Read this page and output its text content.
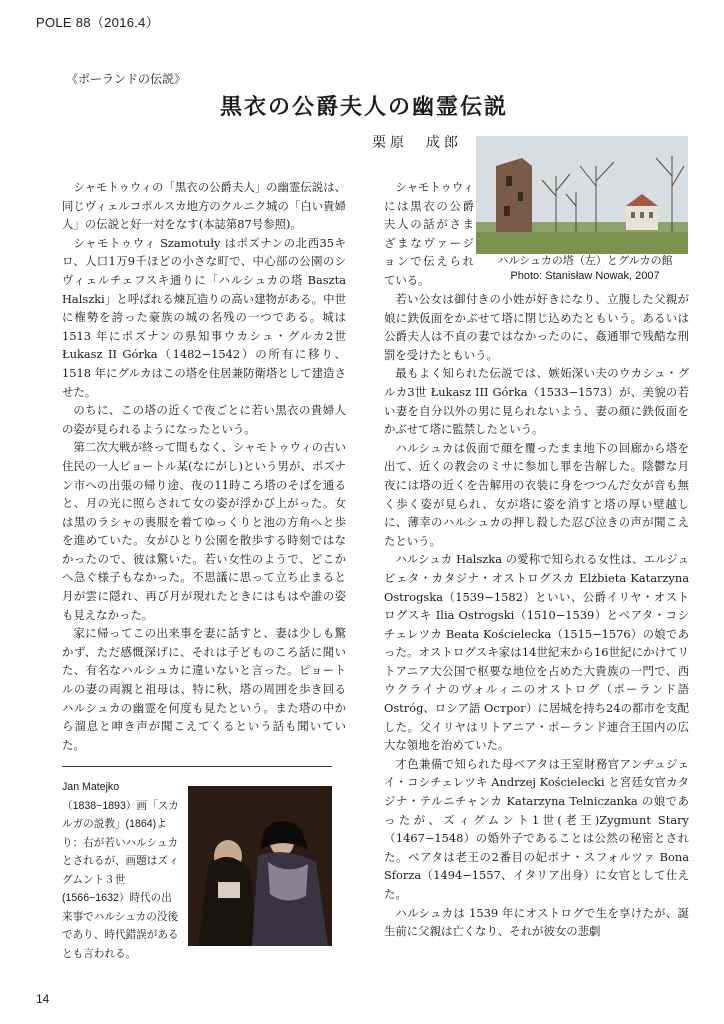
POLE 88（2016.4）
《ポーランドの伝説》
黒衣の公爵夫人の幽霊伝説
栗原　成郎
ハルシュカの塔（左）とグルカの館
Photo: Stanisław Nowak, 2007

シャモトゥウィの「黒衣の公爵夫人」の幽霊伝説は、同じヴィェルコポルスカ地方のクルニク城の「白い貴婦人」の伝説と好一対をなす(本誌第87号参照)。

シャモトゥウィ Szamotuły はポズナンの北西35キロ、人口1万9千ほどの小さな町で、中心部の公園のシヴィェルチェフスキ通りに「ハルシュカの塔 Baszta Halszki」と呼ばれる煉瓦造りの高い建物がある。中世に権勢を誇った豪族の城の名残の一つである。城は 1513 年にポズナンの県知事ウカシュ・グルカ2世 Łukasz II Górka（1482−1542）の所有に移り、1518 年にグルカはこの塔を住居兼防衛塔として建造させた。

のちに、この塔の近くで夜ごとに若い黒衣の貴婦人の姿が見られるようになったという。

第二次大戦が終って間もなく、シャモトゥウィの古い住民の一人ピョートル某(なにがし)という男が、ポズナン市への出張の帰り途、夜の11時ころ塔のそばを通ると、月の光に照らされて女の姿が浮かび上がった。女は黒のラシャの喪服を着てゆっくりと池の方角へと歩を進めていた。女がひとり公園を散歩する時刻ではなかったので、彼は驚いた。若い女性のようで、どこかへ急ぐ様子もなかった。不思議に思って立ち止まると月が雲に隠れ、再び月が現れたときにはもはや誰の姿も見えなかった。

家に帰ってこの出来事を妻に話すと、妻は少しも驚かず、ただ感慨深げに、それは子どものころ話に聞いた、有名なハルシュカに違いないと言った。ピョートルの妻の両親と祖母は、特に秋、塔の周囲を歩き回るハルシュカの幽霊を何度も見たという。また塔の中から溜息と呻き声が聞こえてくるという話も聞いていた。

シャモトゥウィには黒衣の公爵夫人の話がさまざまなヴァージョンで伝えられている。

若い公女は御付きの小姓が好きになり、立腹した父親が娘に鉄仮面をかぶせて塔に閉じ込めたともいう。あるいは公爵夫人は不貞の妻ではなかったのに、姦通罪で残酷な刑罰を受けたともいう。

最もよく知られた伝説では、嫉妬深い夫のウカシュ・グルカ3世 Łukasz III Górka（1533−1573）が、美貌の若い妻を自分以外の男に見られないよう、妻の顔に鉄仮面をかぶせて塔に監禁したという。

ハルシュカは仮面で顔を覆ったまま地下の回廊から塔を出て、近くの教会のミサに参加し罪を告解した。陰鬱な月夜には塔の近くを告解用の衣装に身をつつんだ女が音も無く歩く姿が見られ、女が塔に姿を消すと塔の厚い壁越しに、薄幸のハルシュカの押し殺した忍び泣きの声が聞こえたという。

ハルシュカ Halszka の愛称で知られる女性は、エルジュビェタ・カタジナ・オストログスカ Elżbieta Katarzyna Ostrogska（1539−1582）といい、公爵イリヤ・オストログスキ Ilia Ostrogski（1510−1539）とベアタ・コシチェレツカ Beata Kościelecka（1515−1576）の娘であった。オストログスキ家は14世紀末から16世紀にかけてリトアニア大公国で枢要な地位を占めた大貴族の一門で、西ウクライナのヴォルィニのオストログ（ポーランド語 Ostróg、ロシア語 Острог）に居城を持ち24の都市を支配した。父イリヤはリトアニア・ポーランド連合王国内の広大な領地を治めていた。

才色兼備で知られた母ベアタは王室財務官アンヂュジェイ・コシチェレツキ Andrzej Kościelecki と宮廷女官カタジナ・テルニチャンカ Katarzyna Telniczanka の娘であったが、ズィグムント1世(老王)Zygmunt Stary（1467−1548）の婚外子であることは公然の秘密とされた。ベアタは老王の2番目の妃ボナ・スフォルツァ Bona Sforza（1494−1557、イタリア出身）に女官として仕えた。

ハルシュカは 1539 年にオストログで生を享けたが、誕生前に父親は亡くなり、それが彼女の悲劇

Jan Matejko（1838−1893）画「スカルガの説教」(1864)より：右が若いハルシュカとされるが、画題はズィグムント３世(1566−1632）時代の出来事でハルシュカの没後であり、時代錯誤があるとも言われる。
14
